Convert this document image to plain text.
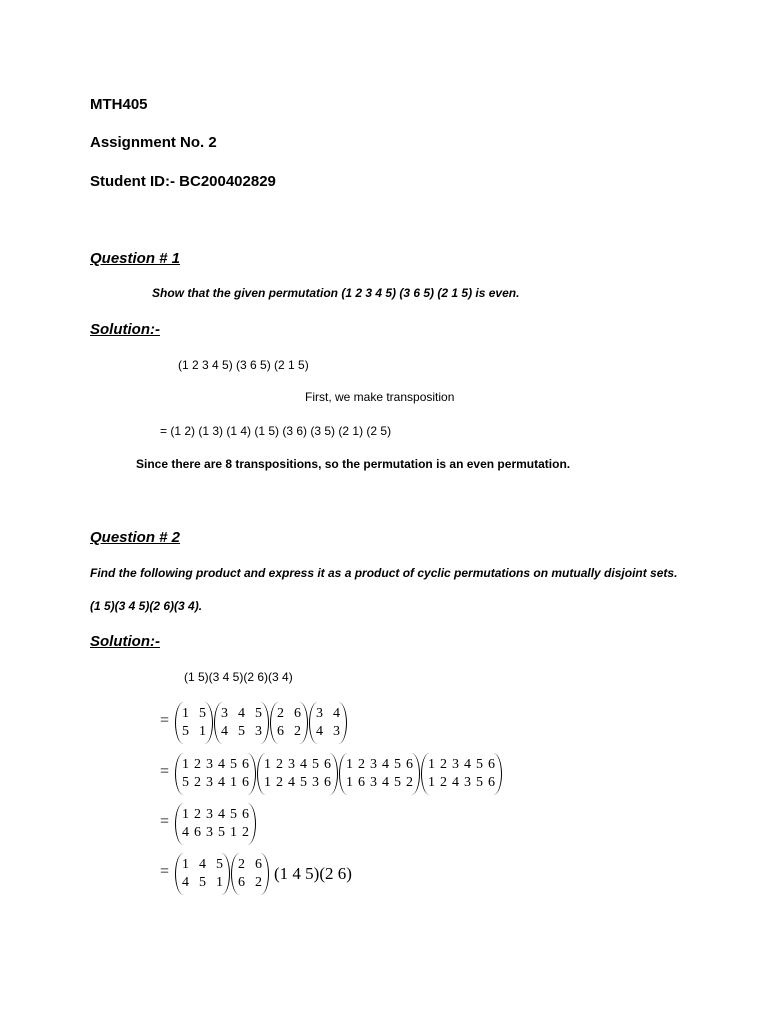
MTH405
Assignment No. 2
Student ID:- BC200402829
Question # 1
Show that the given permutation (1 2 3 4 5) (3 6 5) (2 1 5) is even.
Solution:-
(1 2 3 4 5) (3 6 5) (2 1 5)
First, we make transposition
= (1 2) (1 3) (1 4) (1 5) (3 6) (3 5) (2 1) (2 5)
Since there are 8 transpositions, so the permutation is an even permutation.
Question # 2
Find the following product and express it as a product of cyclic permutations on mutually disjoint sets.
(1 5)(3 4 5)(2 6)(3 4).
Solution:-
(1 5)(3 4 5)(2 6)(3 4)
= 1 5
5 1
3 4 5
4 5 3
2 6
6 2
3 4
4 3
= 1 2 3 4 5 6
5 2 3 4 1 6
1 2 3 4 5 6
1 2 4 5 3 6
1 2 3 4 5 6
1 6 3 4 5 2
1 2 3 4 5 6
1 2 4 3 5 6
= 1 2 3 4 5 6
4 6 3 5 1 2
= 1 4 5
4 5 1
2 6
6 2 (1 4 5)(2 6)
